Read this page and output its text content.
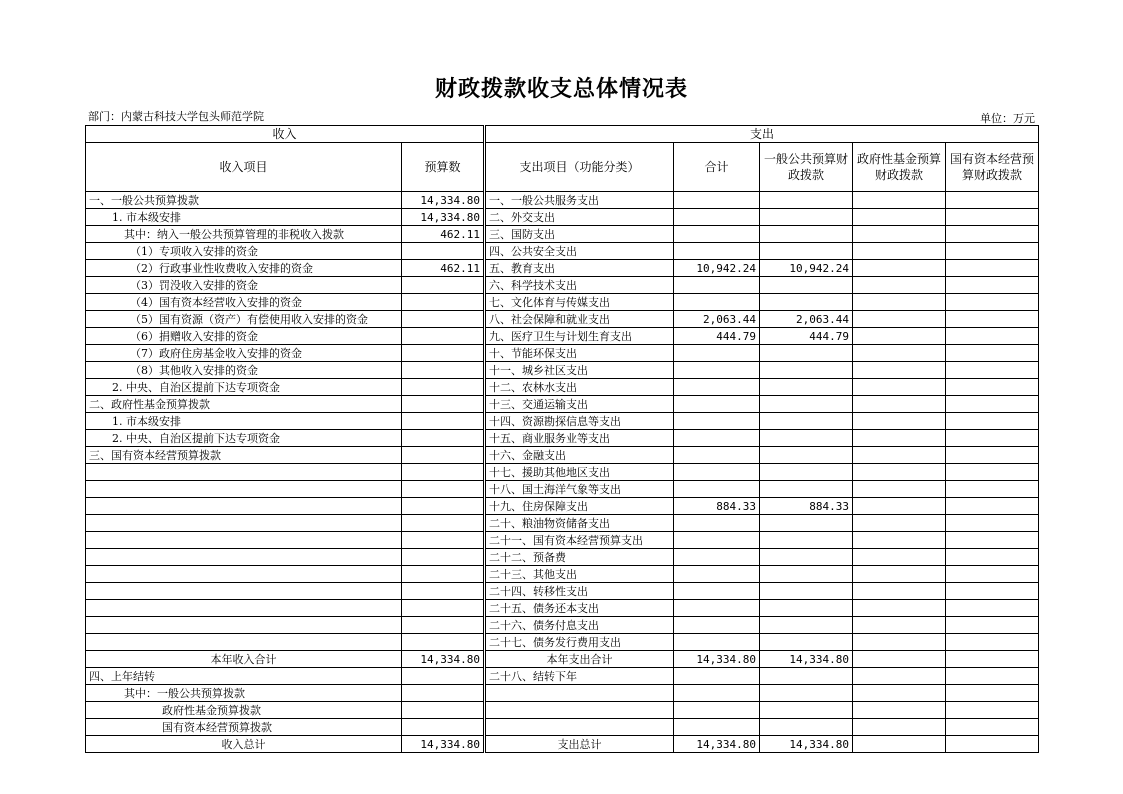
财政拨款收支总体情况表
部门：内蒙古科技大学包头师范学院	单位：万元
收入			支出				
收入项目	预算数		支出项目（功能分类）	合计	一般公共预算财政拨款	政府性基金预算财政拨款	国有资本经营预算财政拨款
一、一般公共预算拨款	14,334.80		一、一般公共服务支出				
1. 市本级安排	14,334.80		二、外交支出				
其中：纳入一般公共预算管理的非税收入拨款	462.11		三、国防支出				
（1）专项收入安排的资金			四、公共安全支出				
（2）行政事业性收费收入安排的资金	462.11		五、教育支出	10,942.24	10,942.24		
（3）罚没收入安排的资金			六、科学技术支出				
（4）国有资本经营收入安排的资金			七、文化体育与传媒支出				
（5）国有资源（资产）有偿使用收入安排的资金			八、社会保障和就业支出	2,063.44	2,063.44		
（6）捐赠收入安排的资金			九、医疗卫生与计划生育支出	444.79	444.79		
（7）政府住房基金收入安排的资金			十、节能环保支出				
（8）其他收入安排的资金			十一、城乡社区支出				
2. 中央、自治区提前下达专项资金			十二、农林水支出				
二、政府性基金预算拨款			十三、交通运输支出				
1. 市本级安排			十四、资源勘探信息等支出				
2. 中央、自治区提前下达专项资金			十五、商业服务业等支出				
三、国有资本经营预算拨款			十六、金融支出				
			十七、援助其他地区支出				
			十八、国土海洋气象等支出				
			十九、住房保障支出	884.33	884.33		
			二十、粮油物资储备支出				
			二十一、国有资本经营预算支出				
			二十二、预备费				
			二十三、其他支出				
			二十四、转移性支出				
			二十五、债务还本支出				
			二十六、债务付息支出				
			二十七、债务发行费用支出				
本年收入合计	14,334.80		本年支出合计	14,334.80	14,334.80		
四、上年结转			二十八、结转下年				
其中：一般公共预算拨款							
政府性基金预算拨款							
国有资本经营预算拨款							
收入总计	14,334.80		支出总计	14,334.80	14,334.80		
